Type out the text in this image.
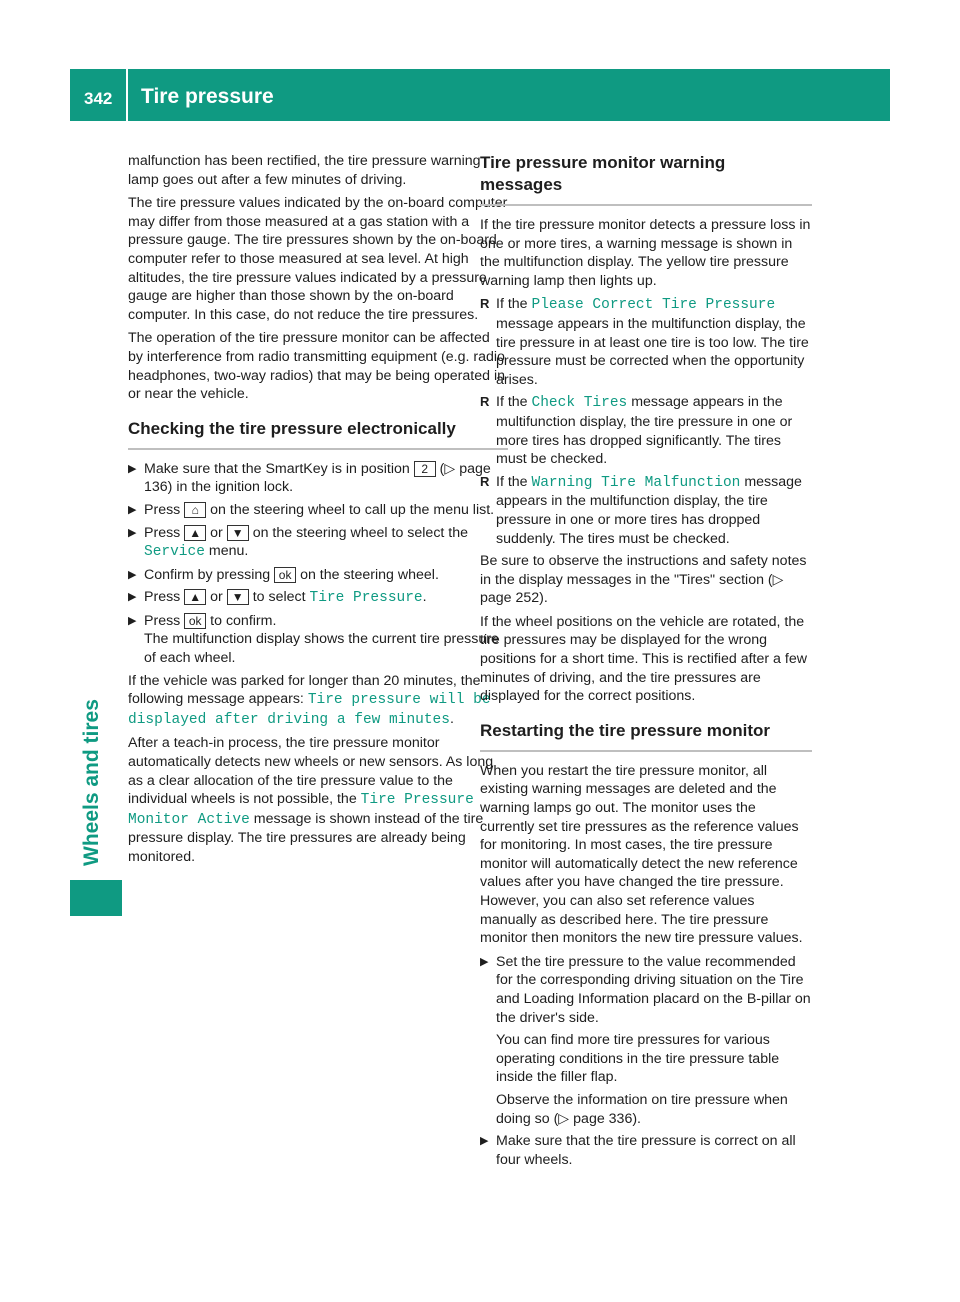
342 Tire pressure
Wheels and tires

malfunction has been rectified, the tire pressure warning lamp goes out after a few minutes of driving.

The tire pressure values indicated by the on-board computer may differ from those measured at a gas station with a pressure gauge. The tire pressures shown by the on-board computer refer to those measured at sea level. At high altitudes, the tire pressure values indicated by a pressure gauge are higher than those shown by the on-board computer. In this case, do not reduce the tire pressures.

The operation of the tire pressure monitor can be affected by interference from radio transmitting equipment (e.g. radio headphones, two-way radios) that may be being operated in or near the vehicle.

Checking the tire pressure electronically
▶ Make sure that the SmartKey is in position 2 (▷ page 136) in the ignition lock.
▶ Press ⌂ on the steering wheel to call up the menu list.
▶ Press ▲ or ▼ on the steering wheel to select the Service menu.
▶ Confirm by pressing ok on the steering wheel.
▶ Press ▲ or ▼ to select Tire Pressure.
▶ Press ok to confirm.
The multifunction display shows the current tire pressure of each wheel.

If the vehicle was parked for longer than 20 minutes, the following message appears: Tire pressure will be displayed after driving a few minutes.

After a teach-in process, the tire pressure monitor automatically detects new wheels or new sensors. As long as a clear allocation of the tire pressure value to the individual wheels is not possible, the Tire Pressure Monitor Active message is shown instead of the tire pressure display. The tire pressures are already being monitored.

Tire pressure monitor warning messages

If the tire pressure monitor detects a pressure loss in one or more tires, a warning message is shown in the multifunction display. The yellow tire pressure warning lamp then lights up.

R If the Please Correct Tire Pressure message appears in the multifunction display, the tire pressure in at least one tire is too low. The tire pressure must be corrected when the opportunity arises.
R If the Check Tires message appears in the multifunction display, the tire pressure in one or more tires has dropped significantly. The tires must be checked.
R If the Warning Tire Malfunction message appears in the multifunction display, the tire pressure in one or more tires has dropped suddenly. The tires must be checked.

Be sure to observe the instructions and safety notes in the display messages in the "Tires" section (▷ page 252).

If the wheel positions on the vehicle are rotated, the tire pressures may be displayed for the wrong positions for a short time. This is rectified after a few minutes of driving, and the tire pressures are displayed for the correct positions.

Restarting the tire pressure monitor

When you restart the tire pressure monitor, all existing warning messages are deleted and the warning lamps go out. The monitor uses the currently set tire pressures as the reference values for monitoring. In most cases, the tire pressure monitor will automatically detect the new reference values after you have changed the tire pressure. However, you can also set reference values manually as described here. The tire pressure monitor then monitors the new tire pressure values.

▶ Set the tire pressure to the value recommended for the corresponding driving situation on the Tire and Loading Information placard on the B-pillar on the driver's side.

You can find more tire pressures for various operating conditions in the tire pressure table inside the filler flap.

Observe the information on tire pressure when doing so (▷ page 336).

▶ Make sure that the tire pressure is correct on all four wheels.
